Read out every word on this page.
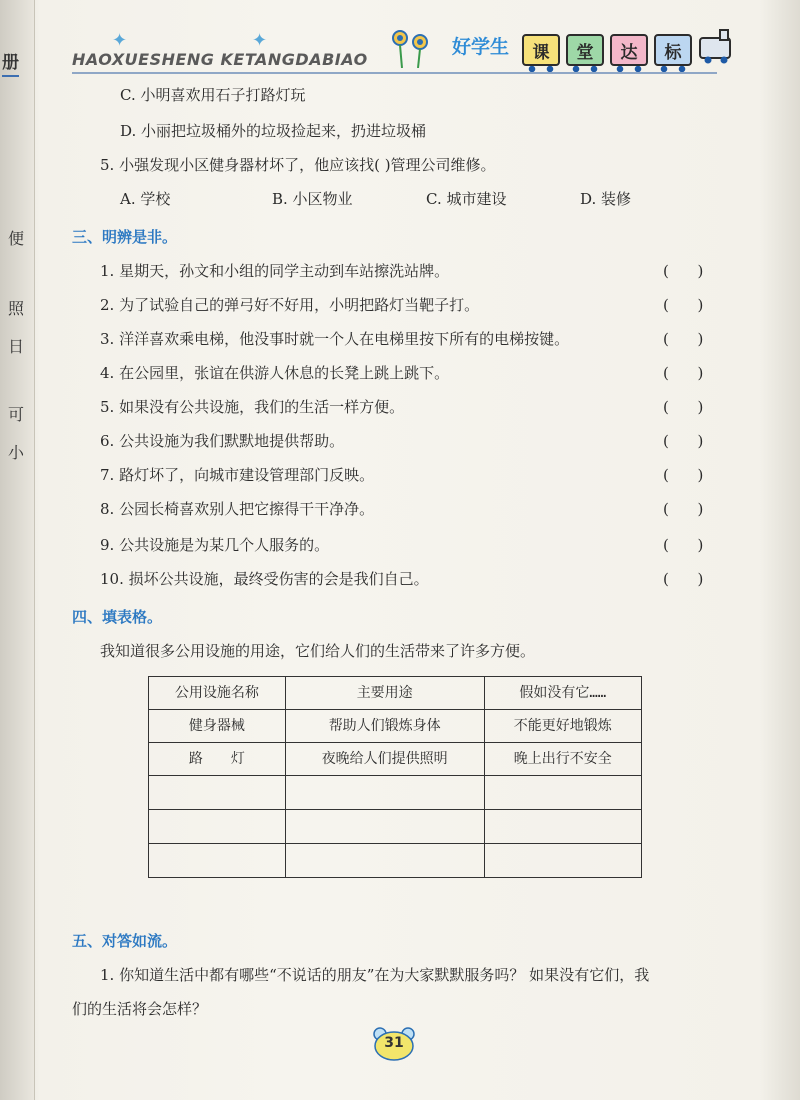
册
便
照
日
可
小
✦	✦
HAOXUESHENG KETANGDABIAO
好学生	课	堂	达	标
C. 小明喜欢用石子打路灯玩
D. 小丽把垃圾桶外的垃圾捡起来，扔进垃圾桶
5. 小强发现小区健身器材坏了，他应该找( )管理公司维修。
A. 学校	B. 小区物业	C. 城市建设	D. 装修
三、明辨是非。
1. 星期天，孙文和小组的同学主动到车站擦洗站牌。	(      )
2. 为了试验自己的弹弓好不好用，小明把路灯当靶子打。	(      )
3. 洋洋喜欢乘电梯，他没事时就一个人在电梯里按下所有的电梯按键。	(      )
4. 在公园里，张谊在供游人休息的长凳上跳上跳下。	(      )
5. 如果没有公共设施，我们的生活一样方便。	(      )
6. 公共设施为我们默默地提供帮助。	(      )
7. 路灯坏了，向城市建设管理部门反映。	(      )
8. 公园长椅喜欢别人把它擦得干干净净。	(      )
9. 公共设施是为某几个人服务的。	(      )
10. 损坏公共设施，最终受伤害的会是我们自己。	(      )
四、填表格。
我知道很多公用设施的用途，它们给人们的生活带来了许多方便。
公用设施名称	主要用途	假如没有它……
健身器械	帮助人们锻炼身体	不能更好地锻炼
路　　灯	夜晚给人们提供照明	晚上出行不安全

五、对答如流。
1. 你知道生活中都有哪些“不说话的朋友”在为大家默默服务吗？ 如果没有它们，我
们的生活将会怎样？
31
